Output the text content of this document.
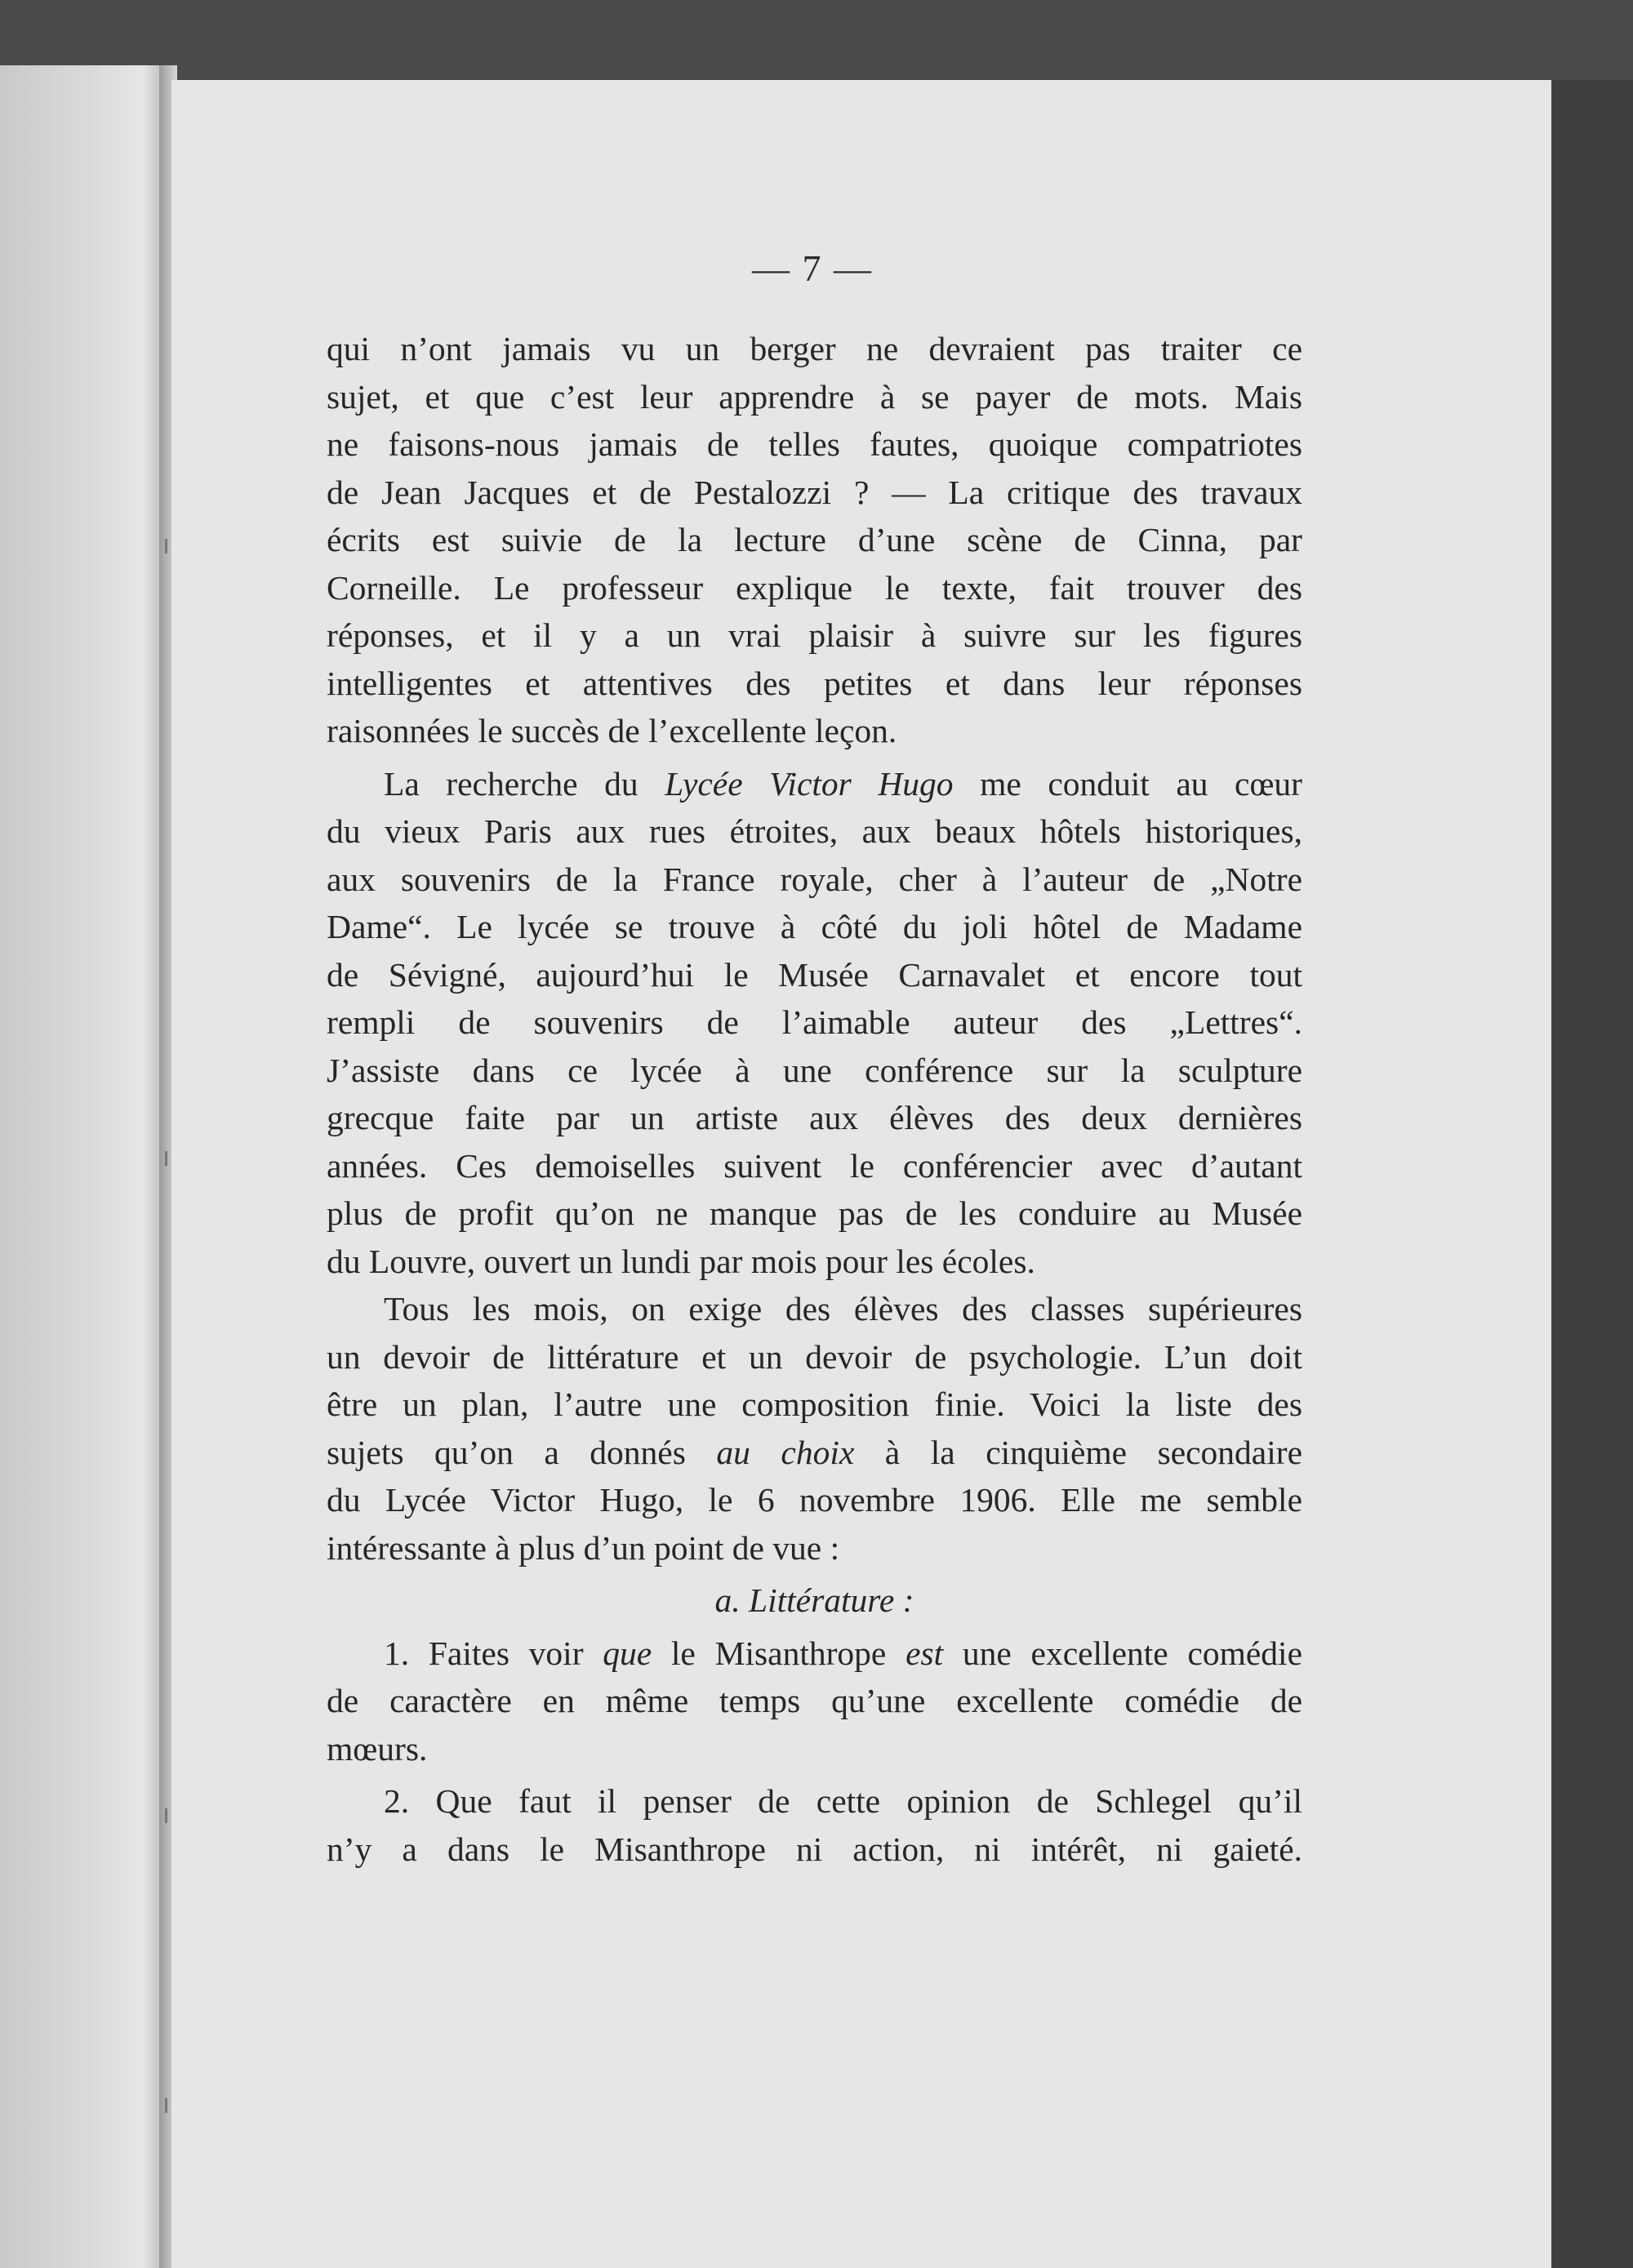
— 7 —

qui n’ont jamais vu un berger ne devraient pas traiter ce

sujet, et que c’est leur apprendre à se payer de mots. Mais

ne faisons-nous jamais de telles fautes, quoique compatriotes

de Jean Jacques et de Pestalozzi ? — La critique des travaux

écrits est suivie de la lecture d’une scène de Cinna, par

Corneille. Le professeur explique le texte, fait trouver des

réponses, et il y a un vrai plaisir à suivre sur les figures

intelligentes et attentives des petites et dans leur réponses

raisonnées le succès de l’excellente leçon.

La recherche du Lycée Victor Hugo me conduit au cœur

du vieux Paris aux rues étroites, aux beaux hôtels historiques,

aux souvenirs de la France royale, cher à l’auteur de „Notre

Dame“. Le lycée se trouve à côté du joli hôtel de Madame

de Sévigné, aujourd’hui le Musée Carnavalet et encore tout

rempli de souvenirs de l’aimable auteur des „Lettres“.

J’assiste dans ce lycée à une conférence sur la sculpture

grecque faite par un artiste aux élèves des deux dernières

années. Ces demoiselles suivent le conférencier avec d’autant

plus de profit qu’on ne manque pas de les conduire au Musée

du Louvre, ouvert un lundi par mois pour les écoles.

Tous les mois, on exige des élèves des classes supérieures

un devoir de littérature et un devoir de psychologie. L’un doit

être un plan, l’autre une composition finie. Voici la liste des

sujets qu’on a donnés au choix à la cinquième secondaire

du Lycée Victor Hugo, le 6 novembre 1906. Elle me semble

intéressante à plus d’un point de vue :

a. Littérature :

1. Faites voir que le Misanthrope est une excellente comédie

de caractère en même temps qu’une excellente comédie de

mœurs.

2. Que faut il penser de cette opinion de Schlegel qu’il

n’y a dans le Misanthrope ni action, ni intérêt, ni gaieté.
